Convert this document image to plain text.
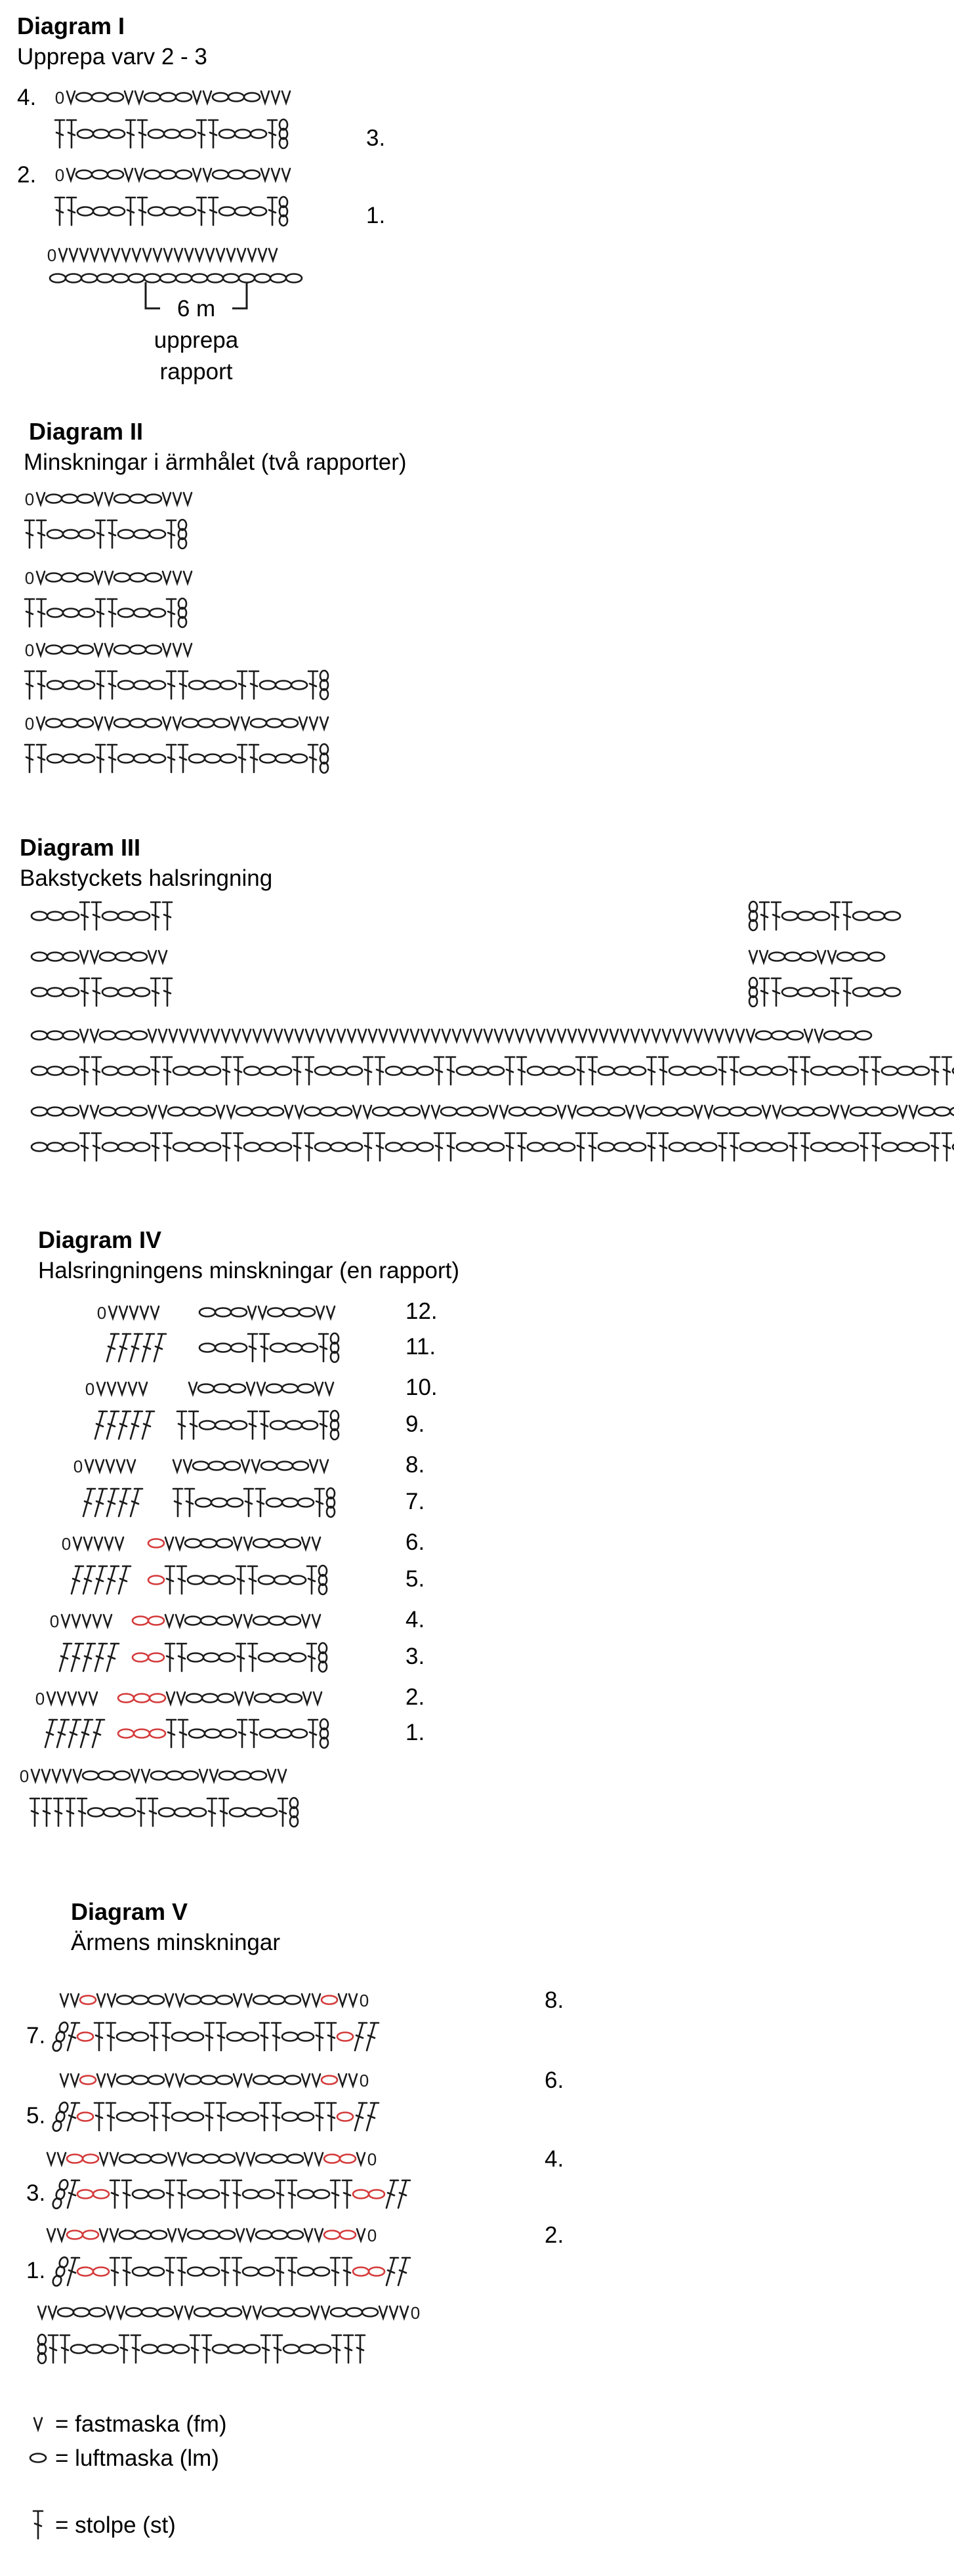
Diagram I
Upprepa varv 2 - 3
4.
3.
2.
1.
0
0
0
6 m
upprepa
rapport
Diagram II
Minskningar i ärmhålet (två rapporter)
0
0
0
0
Diagram III
Bakstyckets halsringning
Diagram IV
Halsringningens minskningar (en rapport)
0
0
0
0
0
0
0
12.
11.
10.
9.
8.
7.
6.
5.
4.
3.
2.
1.
Diagram V
Ärmens minskningar
0
0
0
0
0
7.
5.
3.
1.
8.
6.
4.
2.
= fastmaska (fm)
= luftmaska (lm)
= stolpe (st)
